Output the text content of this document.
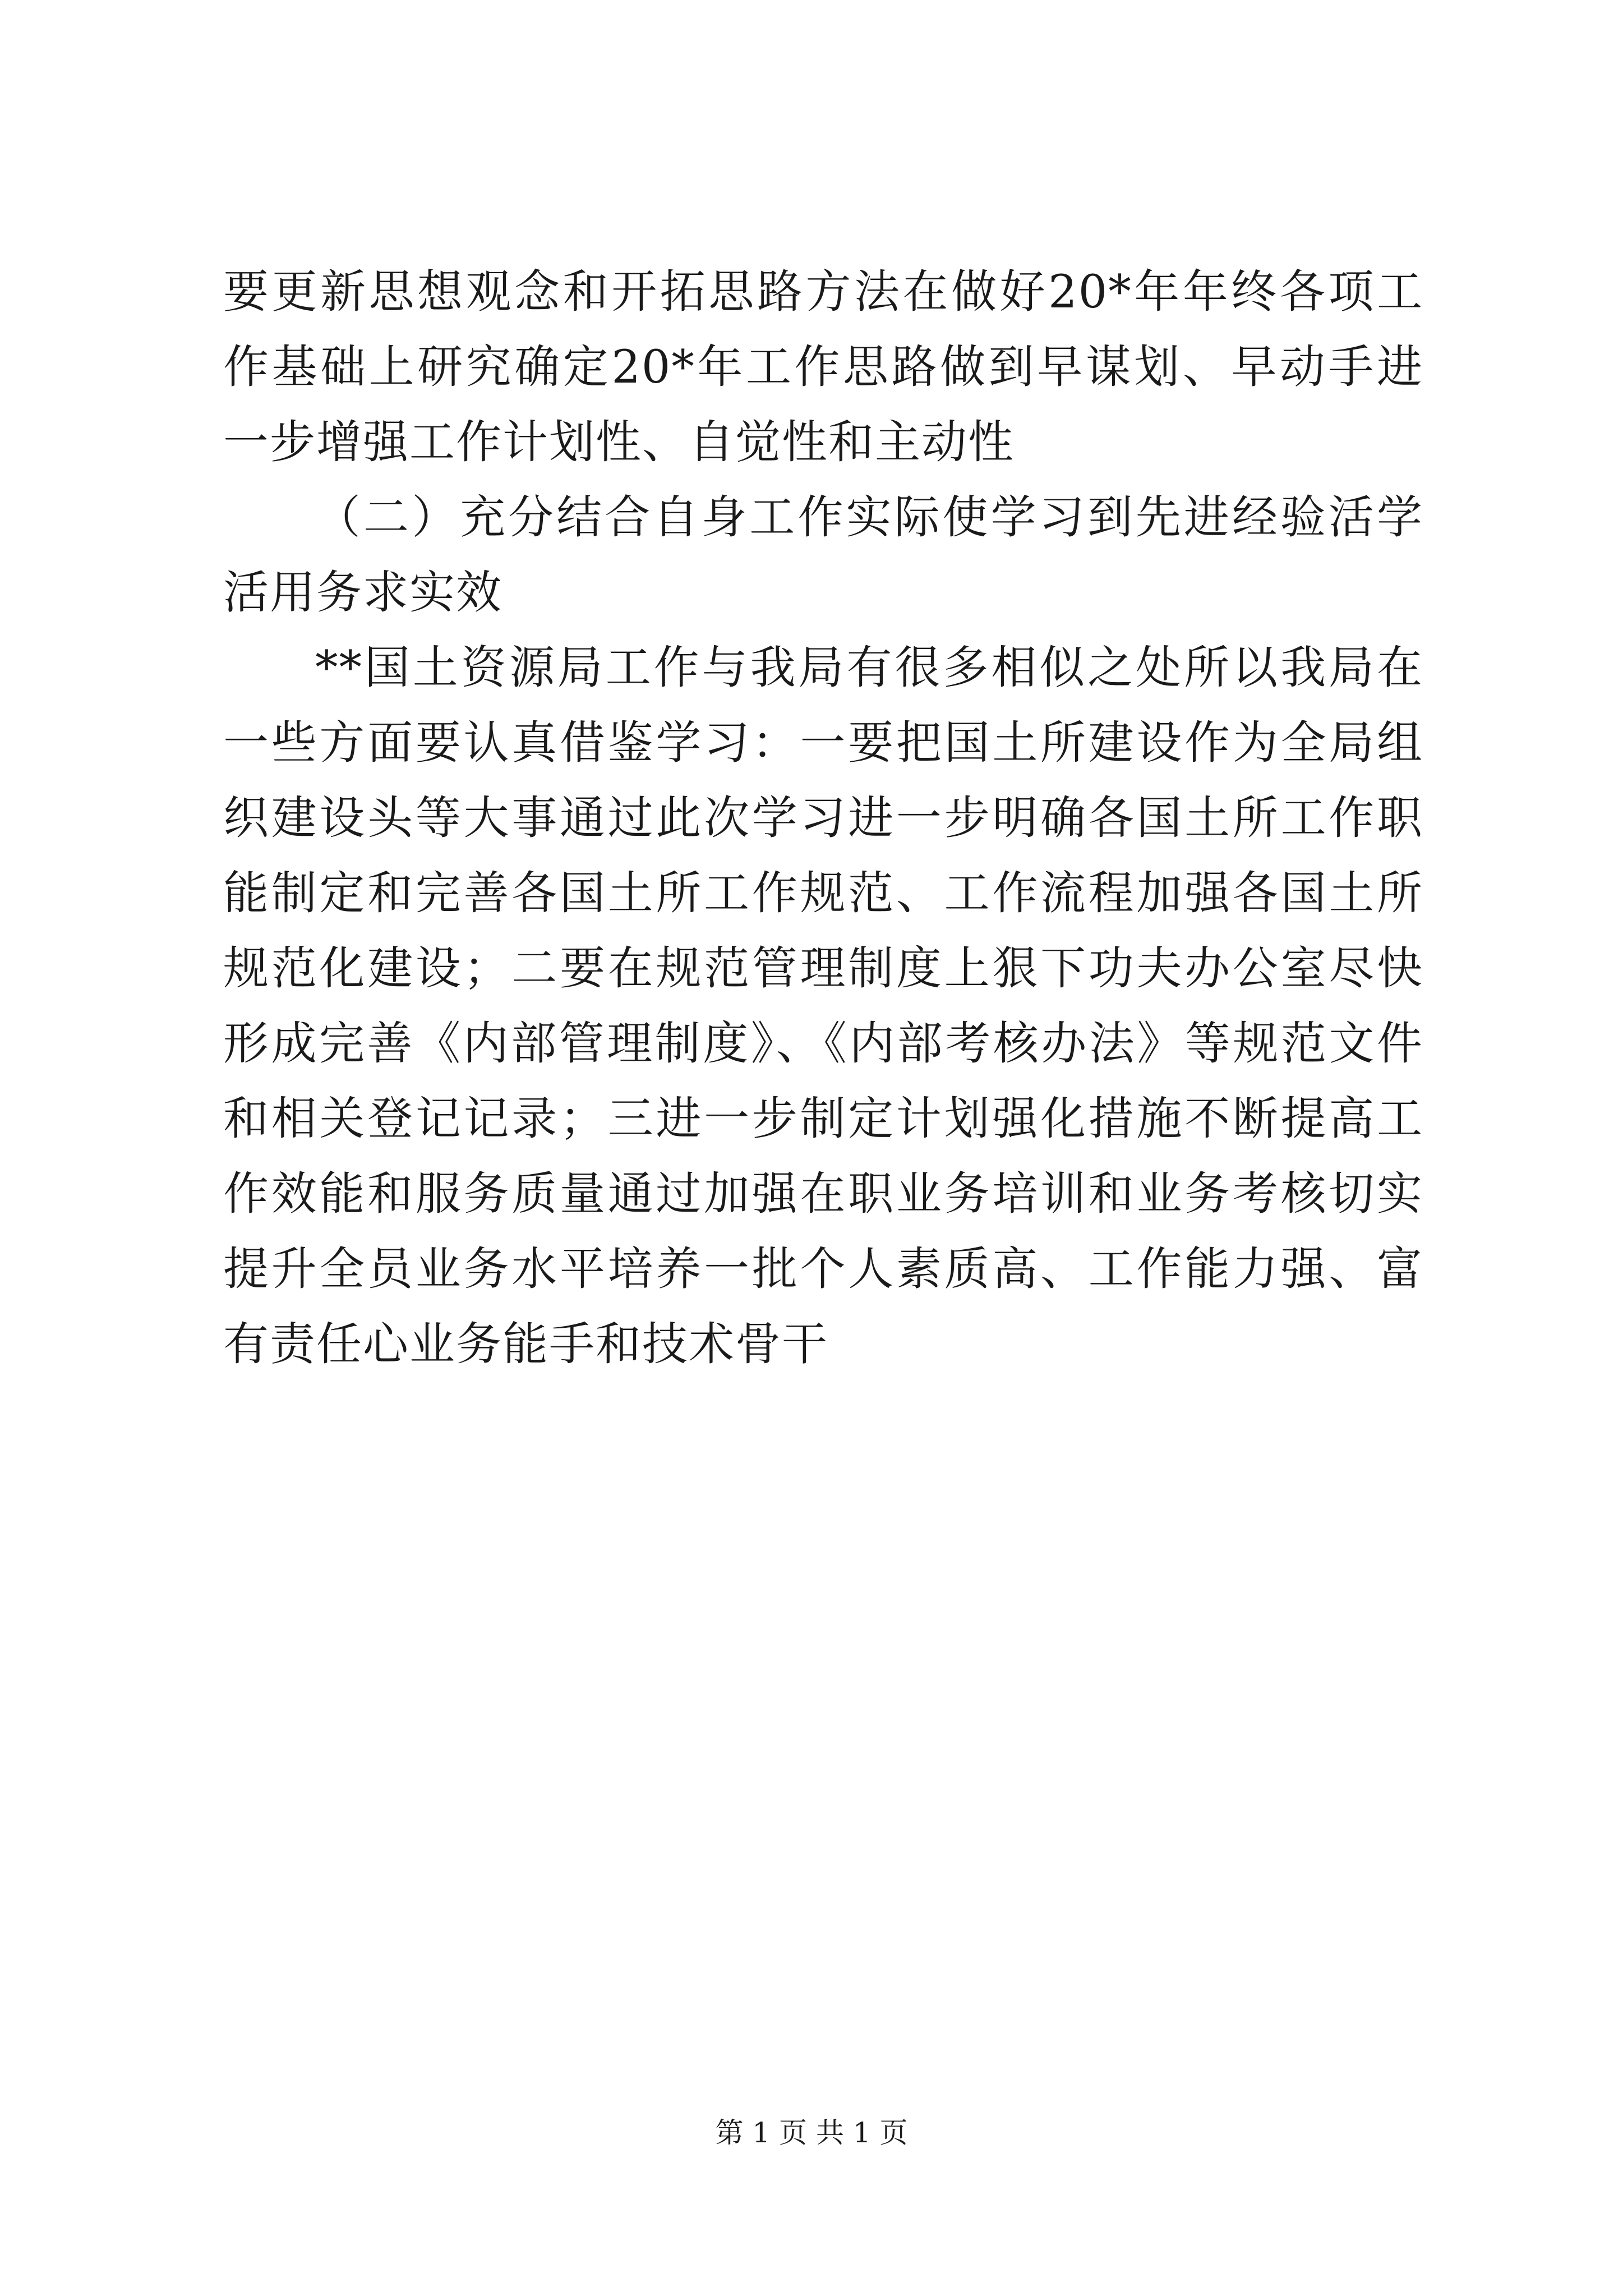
要更新思想观念和开拓思路方法在做好20*年年终各项工作基础上研究确定20*年工作思路做到早谋划、早动手进一步增强工作计划性、自觉性和主动性

（二）充分结合自身工作实际使学习到先进经验活学活用务求实效

**国土资源局工作与我局有很多相似之处所以我局在一些方面要认真借鉴学习：一要把国土所建设作为全局组织建设头等大事通过此次学习进一步明确各国土所工作职能制定和完善各国土所工作规范、工作流程加强各国土所规范化建设；二要在规范管理制度上狠下功夫办公室尽快形成完善《内部管理制度》、《内部考核办法》等规范文件和相关登记记录；三进一步制定计划强化措施不断提高工作效能和服务质量通过加强在职业务培训和业务考核切实提升全员业务水平培养一批个人素质高、工作能力强、富有责任心业务能手和技术骨干

第 1 页 共 1 页
